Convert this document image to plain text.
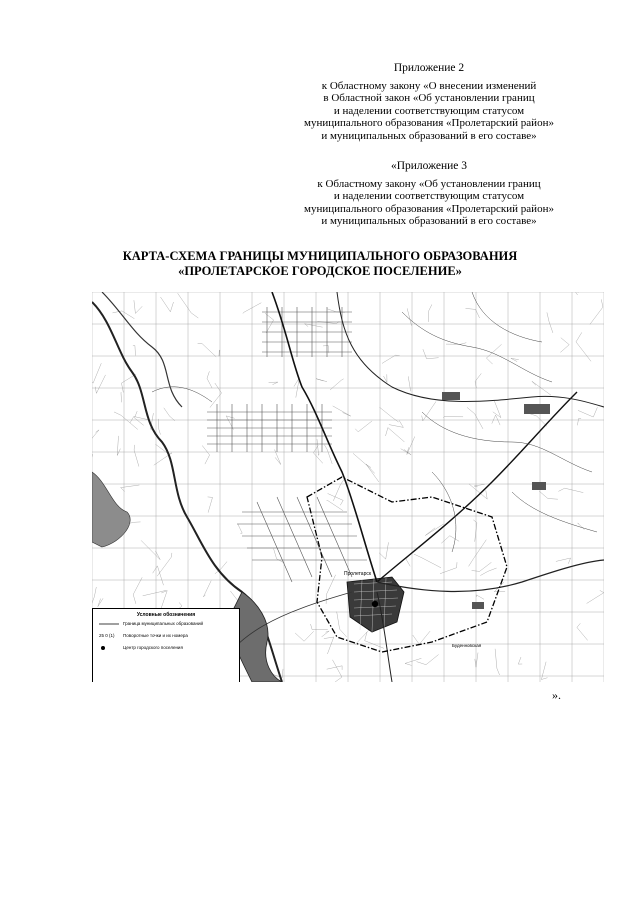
Приложение 2
к Областному закону «О внесении изменений
в Областной закон «Об установлении границ
и наделении соответствующим статусом
муниципального образования «Пролетарский район»
и муниципальных образований в его составе»
«Приложение 3
к Областному закону «Об установлении границ
и наделении соответствующим статусом
муниципального образования «Пролетарский район»
и муниципальных образований в его составе»
КАРТА-СХЕМА ГРАНИЦЫ МУНИЦИПАЛЬНОГО ОБРАЗОВАНИЯ
«ПРОЛЕТАРСКОЕ ГОРОДСКОЕ ПОСЕЛЕНИЕ»
Пролетарск
Буденновская
Условные обозначения
Граница муниципальных образований
25 0 (1)	Поворотные точки и их номера
Центр городского поселения
».
